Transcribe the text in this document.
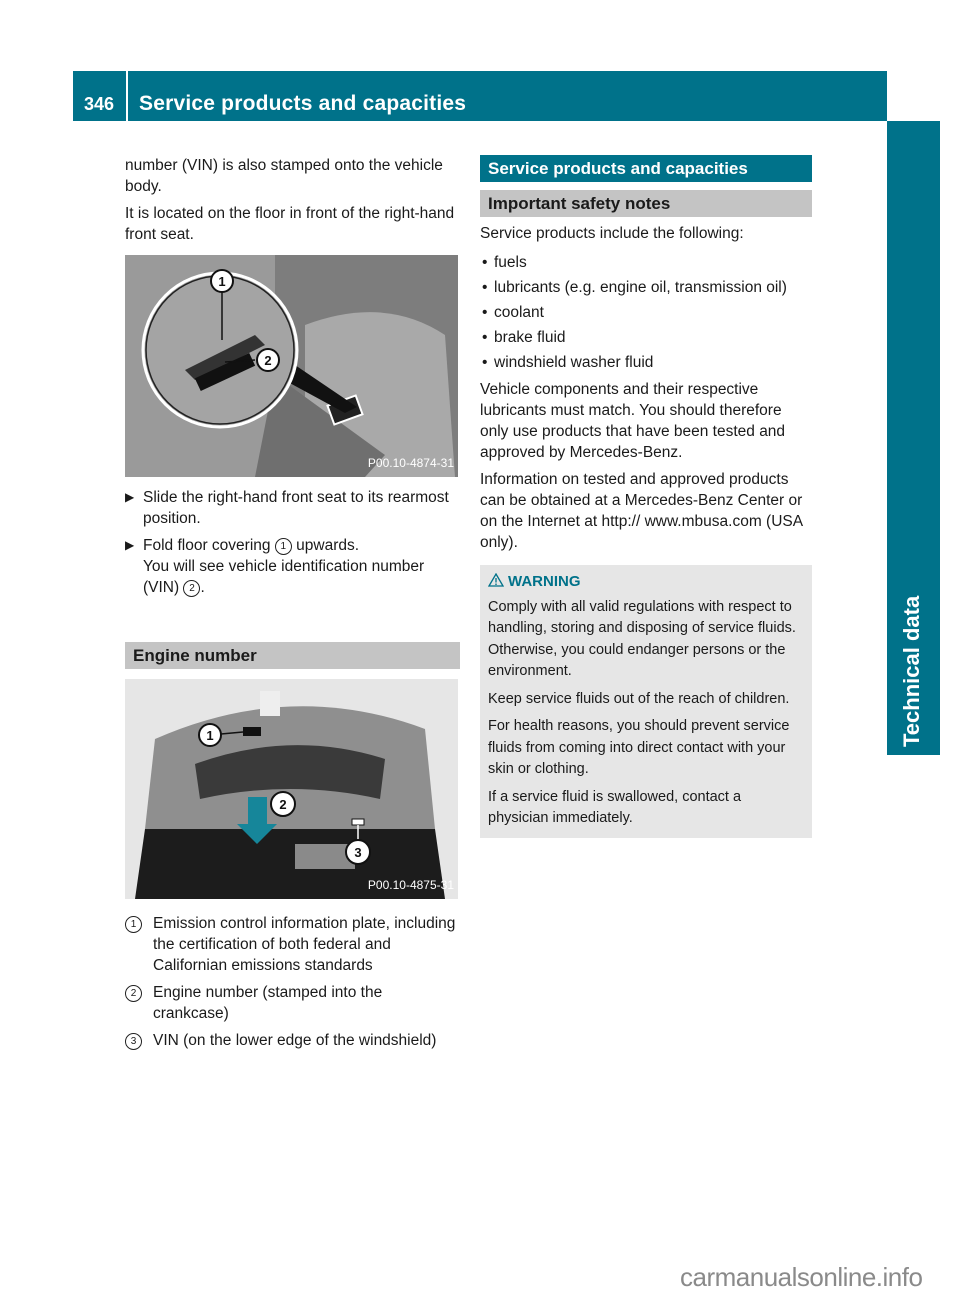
346	Service products and capacities
Technical data

number (VIN) is also stamped onto the vehicle body.

It is located on the floor in front of the right-hand front seat.

1
2
P00.10-4874-31
▶ Slide the right-hand front seat to its rearmost position.
▶ Fold floor covering 1 upwards.
You will see vehicle identification number (VIN) 2 .
Engine number
1
2
3
P00.10-4875-31
1	Emission control information plate, including the certification of both federal and Californian emissions standards
2	Engine number (stamped into the crankcase)
3	VIN (on the lower edge of the windshield)
Service products and capacities
Important safety notes

Service products include the following:

• fuels
• lubricants (e.g. engine oil, transmission oil)
• coolant
• brake fluid
• windshield washer fluid

Vehicle components and their respective lubricants must match. You should therefore only use products that have been tested and approved by Mercedes-Benz.

Information on tested and approved products can be obtained at a Mercedes-Benz Center or on the Internet at http:// www.mbusa.com (USA only).

WARNING

Comply with all valid regulations with respect to handling, storing and disposing of service fluids. Otherwise, you could endanger persons or the environment.

Keep service fluids out of the reach of children.

For health reasons, you should prevent service fluids from coming into direct contact with your skin or clothing.

If a service fluid is swallowed, contact a physician immediately.

carmanualsonline.info
